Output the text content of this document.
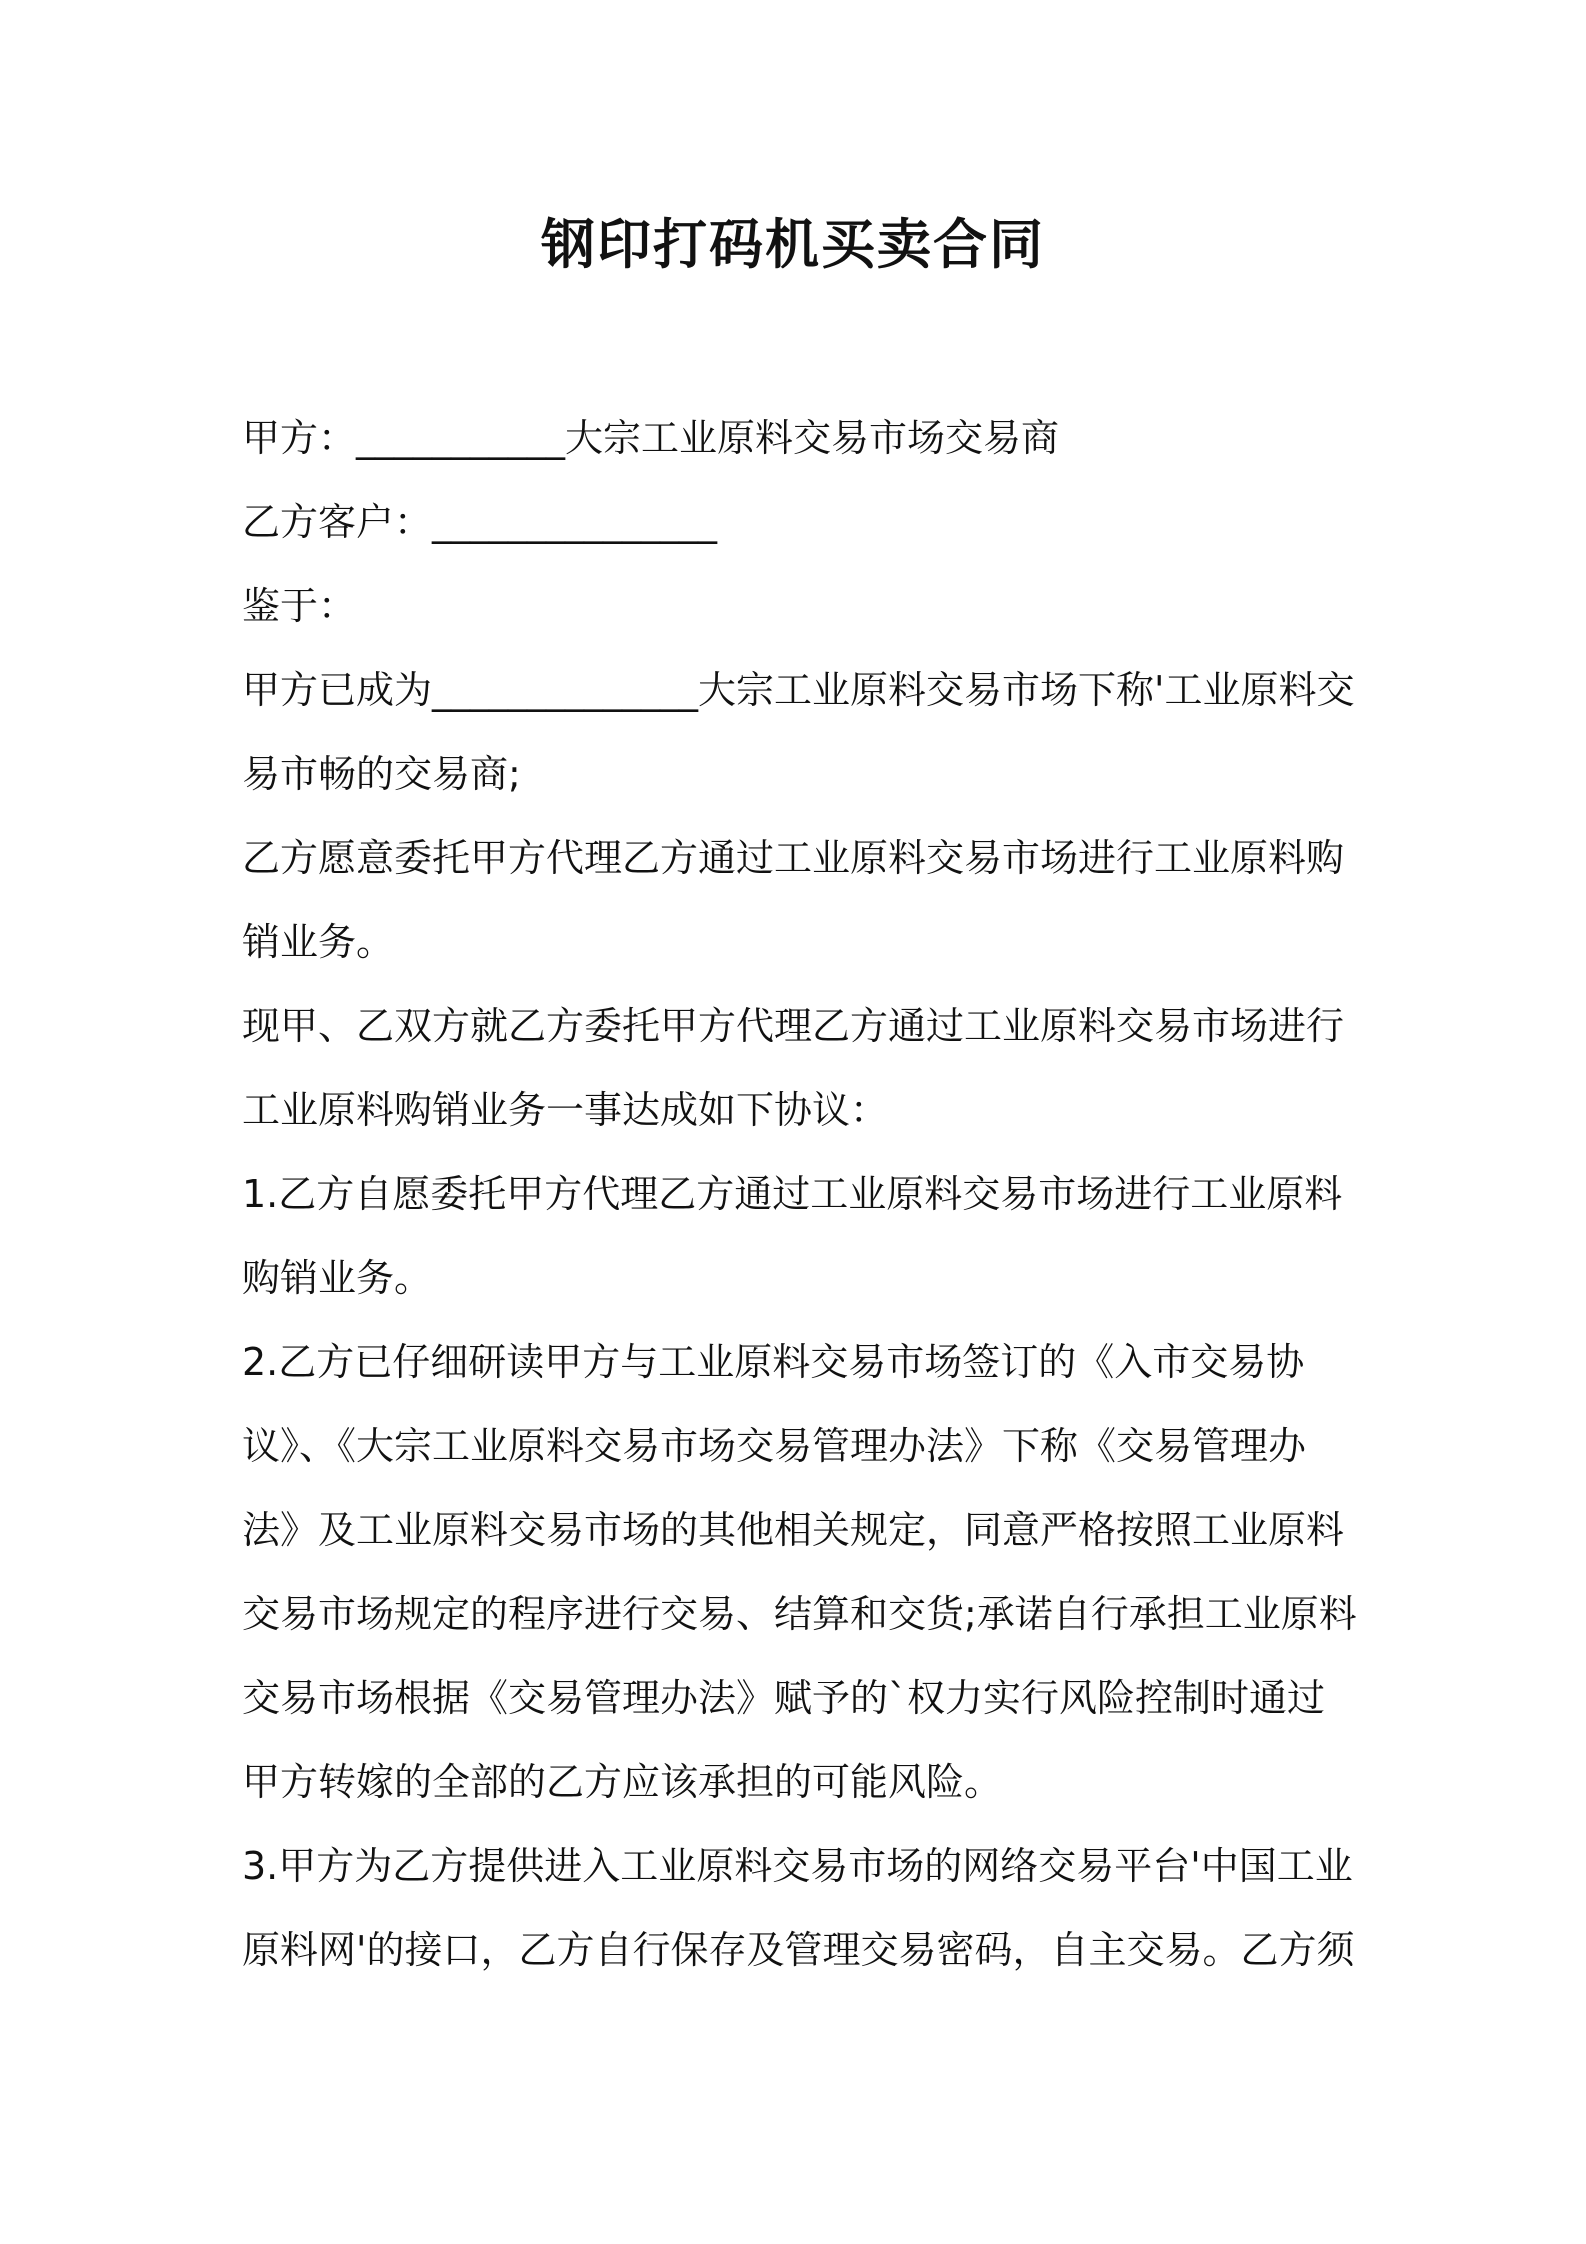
钢印打码机买卖合同

甲方：___________大宗工业原料交易市场交易商

乙方客户：_______________

鉴于：

甲方已成为______________大宗工业原料交易市场下称'工业原料交易市畅的交易商;

乙方愿意委托甲方代理乙方通过工业原料交易市场进行工业原料购销业务。

现甲、乙双方就乙方委托甲方代理乙方通过工业原料交易市场进行工业原料购销业务一事达成如下协议：

1.乙方自愿委托甲方代理乙方通过工业原料交易市场进行工业原料购销业务。

2.乙方已仔细研读甲方与工业原料交易市场签订的《入市交易协议》、《大宗工业原料交易市场交易管理办法》下称《交易管理办法》及工业原料交易市场的其他相关规定，同意严格按照工业原料交易市场规定的程序进行交易、结算和交货;承诺自行承担工业原料交易市场根据《交易管理办法》赋予的`权力实行风险控制时通过甲方转嫁的全部的乙方应该承担的可能风险。

3.甲方为乙方提供进入工业原料交易市场的网络交易平台'中国工业原料网'的接口，乙方自行保存及管理交易密码，自主交易。乙方须
